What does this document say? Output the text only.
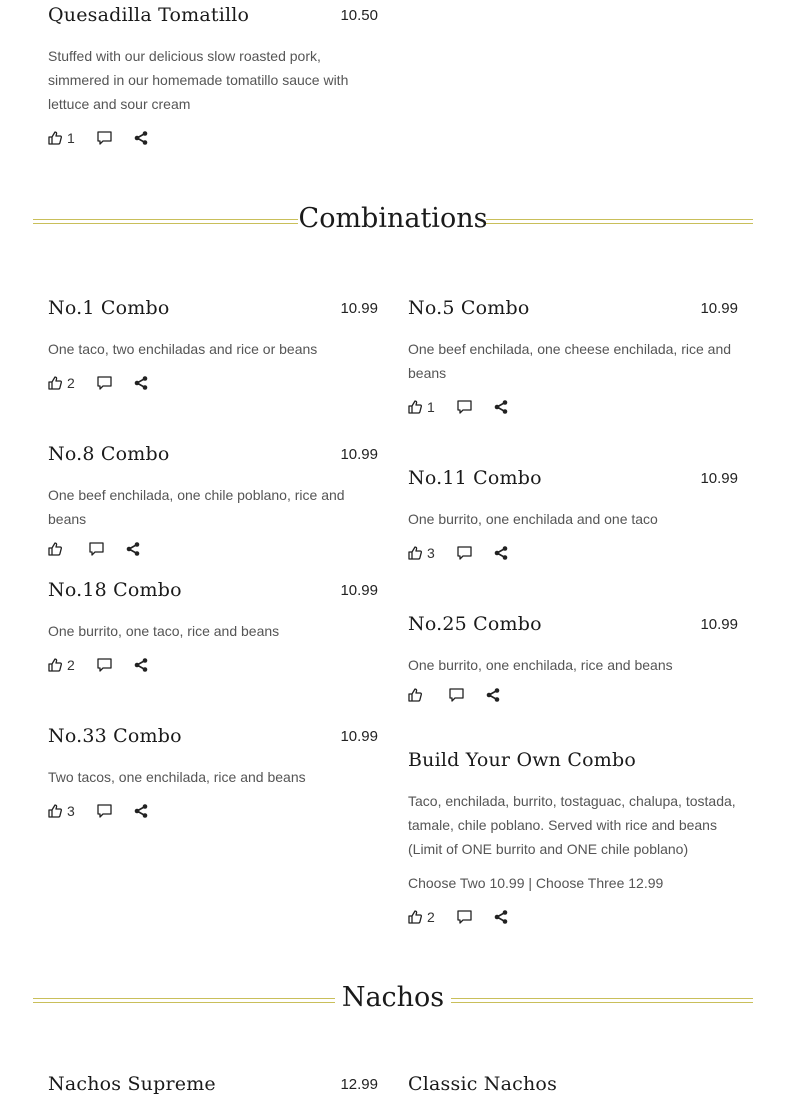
Quesadilla Tomatillo	10.50
Stuffed with our delicious slow roasted pork, simmered in our homemade tomatillo sauce with lettuce and sour cream
1
Combinations
No.1 Combo	10.99
One taco, two enchiladas and rice or beans
2
No.8 Combo	10.99
One beef enchilada, one chile poblano, rice and beans
No.18 Combo	10.99
One burrito, one taco, rice and beans
2
No.33 Combo	10.99
Two tacos, one enchilada, rice and beans
3
No.5 Combo	10.99
One beef enchilada, one cheese enchilada, rice and beans
1
No.11 Combo	10.99
One burrito, one enchilada and one taco
3
No.25 Combo	10.99
One burrito, one enchilada, rice and beans
Build Your Own Combo
Taco, enchilada, burrito, tostaguac, chalupa, tostada, tamale, chile poblano. Served with rice and beans (Limit of ONE burrito and ONE chile poblano)
Choose Two 10.99 | Choose Three 12.99
2
Nachos
Nachos Supreme	12.99 Classic Nachos
